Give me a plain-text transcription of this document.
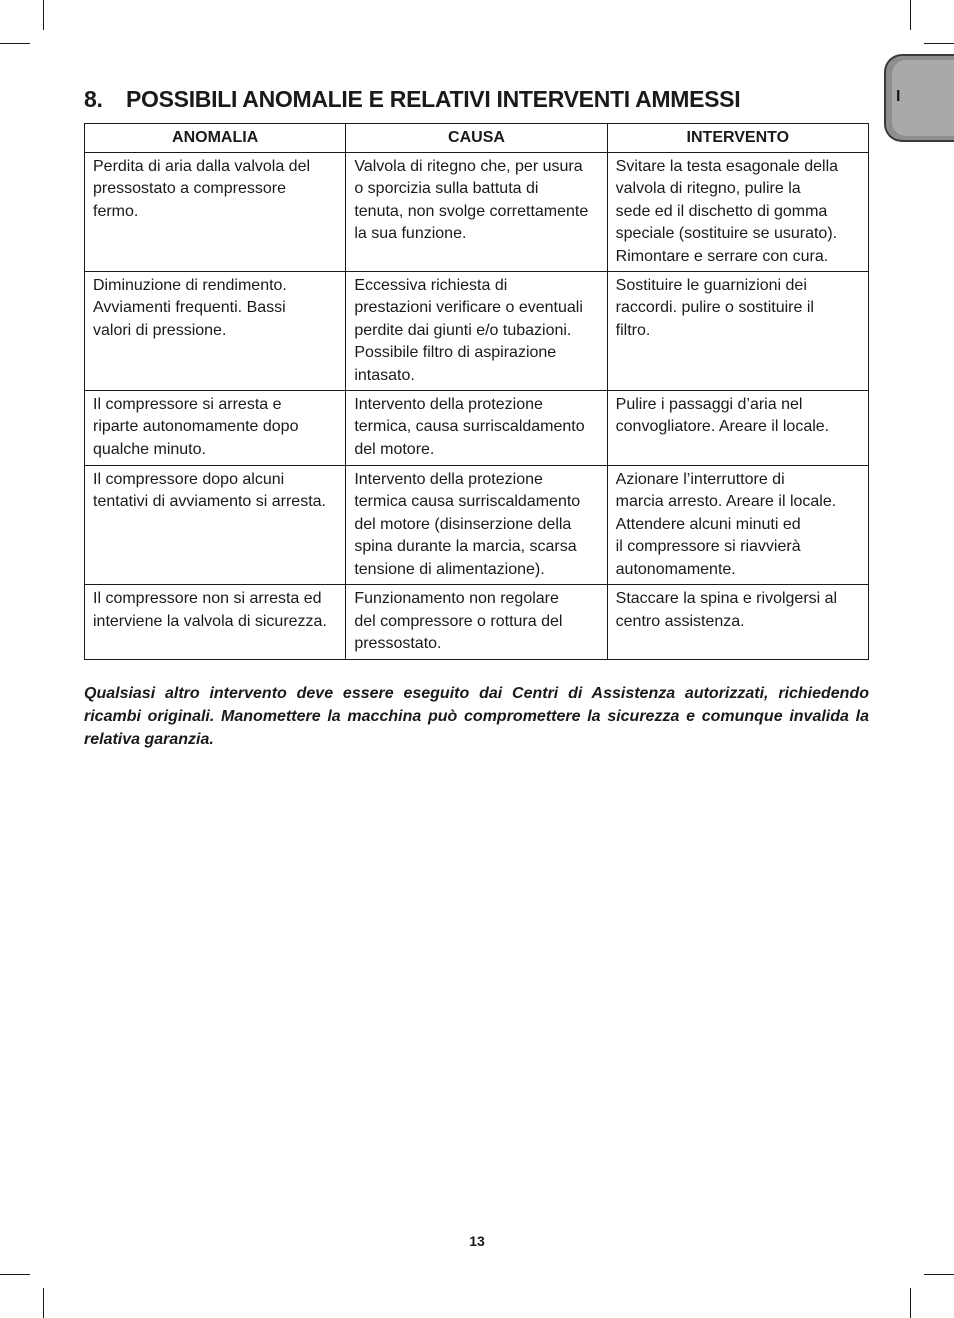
I
8. POSSIBILI ANOMALIE E RELATIVI INTERVENTI AMMESSI
ANOMALIA	CAUSA	INTERVENTO

Perdita di aria dalla valvola del
pressostato a compressore
fermo.	Valvola di ritegno che, per usura
o sporcizia sulla battuta di
tenuta, non svolge correttamente
la sua funzione.	Svitare la testa esagonale della
valvola di ritegno, pulire la
sede ed il dischetto di gomma
speciale (sostituire se usurato).
Rimontare e serrare con cura.

Diminuzione di rendimento.
Avviamenti frequenti. Bassi
valori di pressione.	Eccessiva richiesta di
prestazioni verificare o eventuali
perdite dai giunti e/o tubazioni.
Possibile filtro di aspirazione
intasato.	Sostituire le guarnizioni dei
raccordi. pulire o sostituire il
filtro.

Il compressore si arresta e
riparte autonomamente dopo
qualche minuto.	Intervento della protezione
termica, causa surriscaldamento
del motore.	Pulire i passaggi d’aria nel
convogliatore. Areare il locale.

Il compressore dopo alcuni
tentativi di avviamento si arresta.	Intervento della protezione
termica causa surriscaldamento
del motore (disinserzione della
spina durante la marcia, scarsa
tensione di alimentazione).	Azionare l’interruttore di
marcia arresto. Areare il locale.
Attendere alcuni minuti ed
il compressore si riavvierà
autonomamente.

Il compressore non si arresta ed
interviene la valvola di sicurezza.	Funzionamento non regolare
del compressore o rottura del
pressostato.	Staccare la spina e rivolgersi al
centro assistenza.

Qualsiasi altro intervento deve essere eseguito dai Centri di Assistenza autorizzati, richiedendo ricambi originali. Manomettere la macchina può compromettere la sicurezza e comunque invalida la relativa garanzia.

13
